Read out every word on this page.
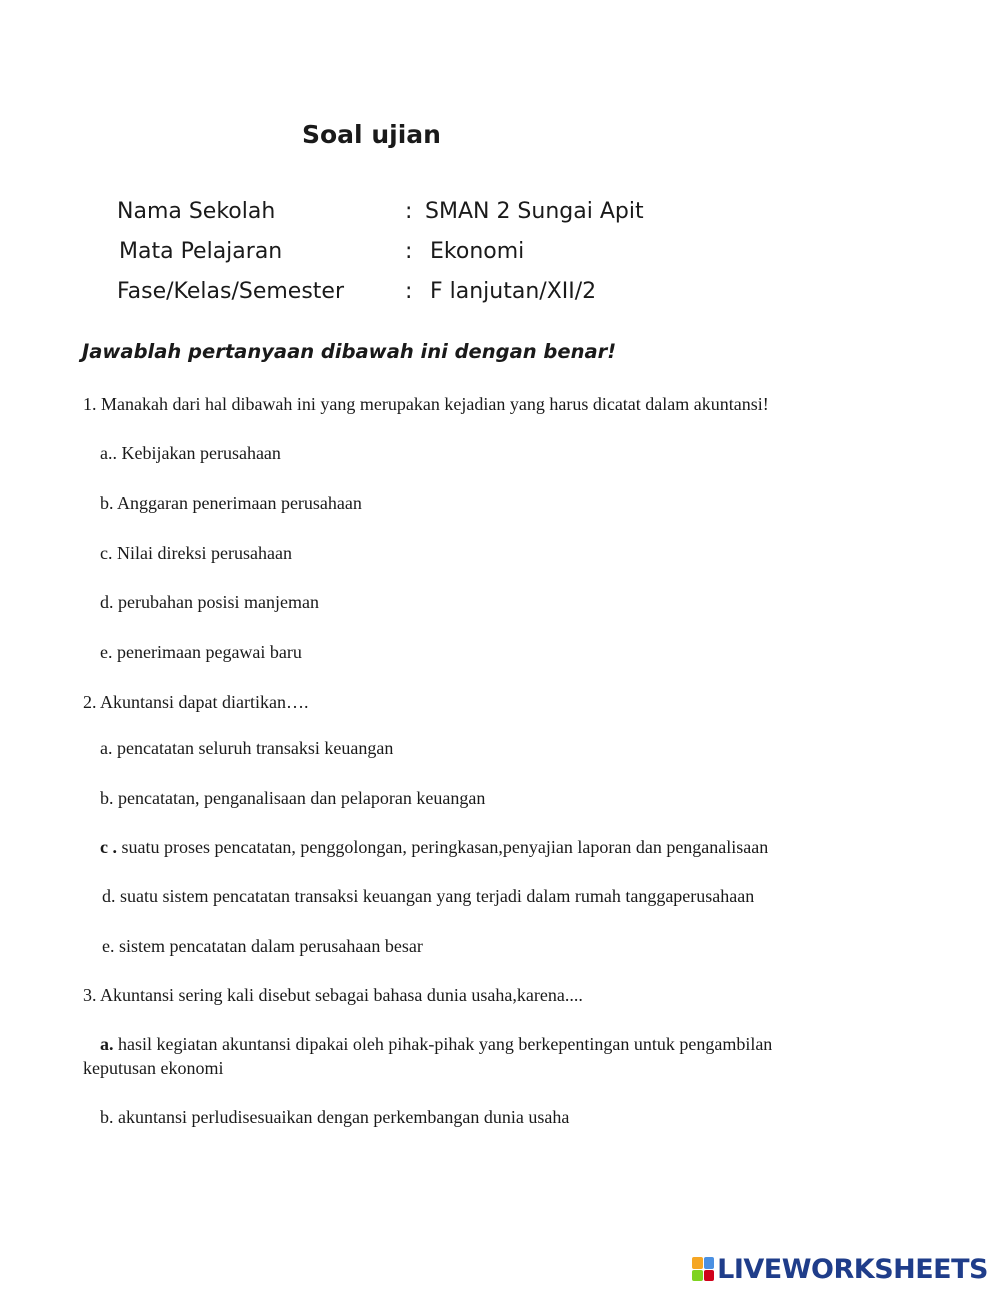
Soal ujian
Nama Sekolah	: SMAN 2 Sungai Apit
Mata Pelajaran	: Ekonomi
Fase/Kelas/Semester	: F lanjutan/XII/2
Jawablah pertanyaan dibawah ini dengan benar!
1. Manakah dari hal dibawah ini yang merupakan kejadian yang harus dicatat dalam akuntansi!
a.. Kebijakan perusahaan
b. Anggaran penerimaan perusahaan
c. Nilai direksi perusahaan
d. perubahan posisi manjeman
e. penerimaan pegawai baru
2. Akuntansi dapat diartikan….
a. pencatatan seluruh transaksi keuangan
b. pencatatan, penganalisaan dan pelaporan keuangan
c . suatu proses pencatatan, penggolongan, peringkasan,penyajian laporan dan penganalisaan
d. suatu sistem pencatatan transaksi keuangan yang terjadi dalam rumah tanggaperusahaan
e. sistem pencatatan dalam perusahaan besar
3. Akuntansi sering kali disebut sebagai bahasa dunia usaha,karena....
a. hasil kegiatan akuntansi dipakai oleh pihak-pihak yang berkepentingan untuk pengambilan
keputusan ekonomi
b. akuntansi perludisesuaikan dengan perkembangan dunia usaha
LIVEWORKSHEETS
